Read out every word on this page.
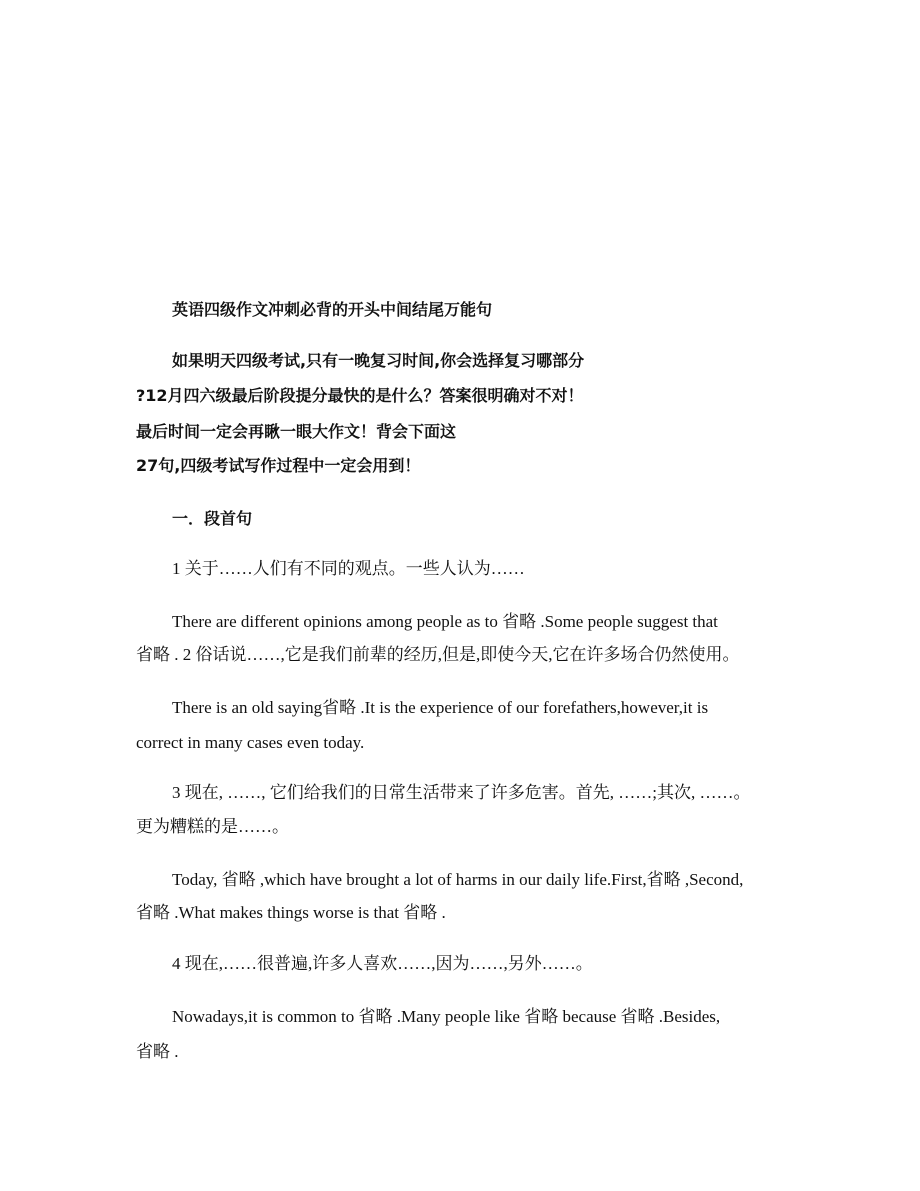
英语四级作文冲刺必背的开头中间结尾万能句
如果明天四级考试,只有一晚复习时间,你会选择复习哪部分
?12月四六级最后阶段提分最快的是什么？答案很明确对不对！
最后时间一定会再瞅一眼大作文！背会下面这
27句,四级考试写作过程中一定会用到！
一．段首句
1 关于……人们有不同的观点。一些人认为……
There are different opinions among people as to 省略 .Some people suggest that
省略 . 2 俗话说……,它是我们前辈的经历,但是,即使今天,它在许多场合仍然使用。
There is an old saying省略 .It is the experience of our forefathers,however,it is
correct in many cases even today.
3 现在, ……, 它们给我们的日常生活带来了许多危害。首先, ……;其次, ……。
更为糟糕的是……。
Today, 省略 ,which have brought a lot of harms in our daily life.First,省略 ,Second,
省略 .What makes things worse is that 省略 .
4 现在,……很普遍,许多人喜欢……,因为……,另外……。
Nowadays,it is common to 省略 .Many people like 省略 because 省略 .Besides,
省略 .
